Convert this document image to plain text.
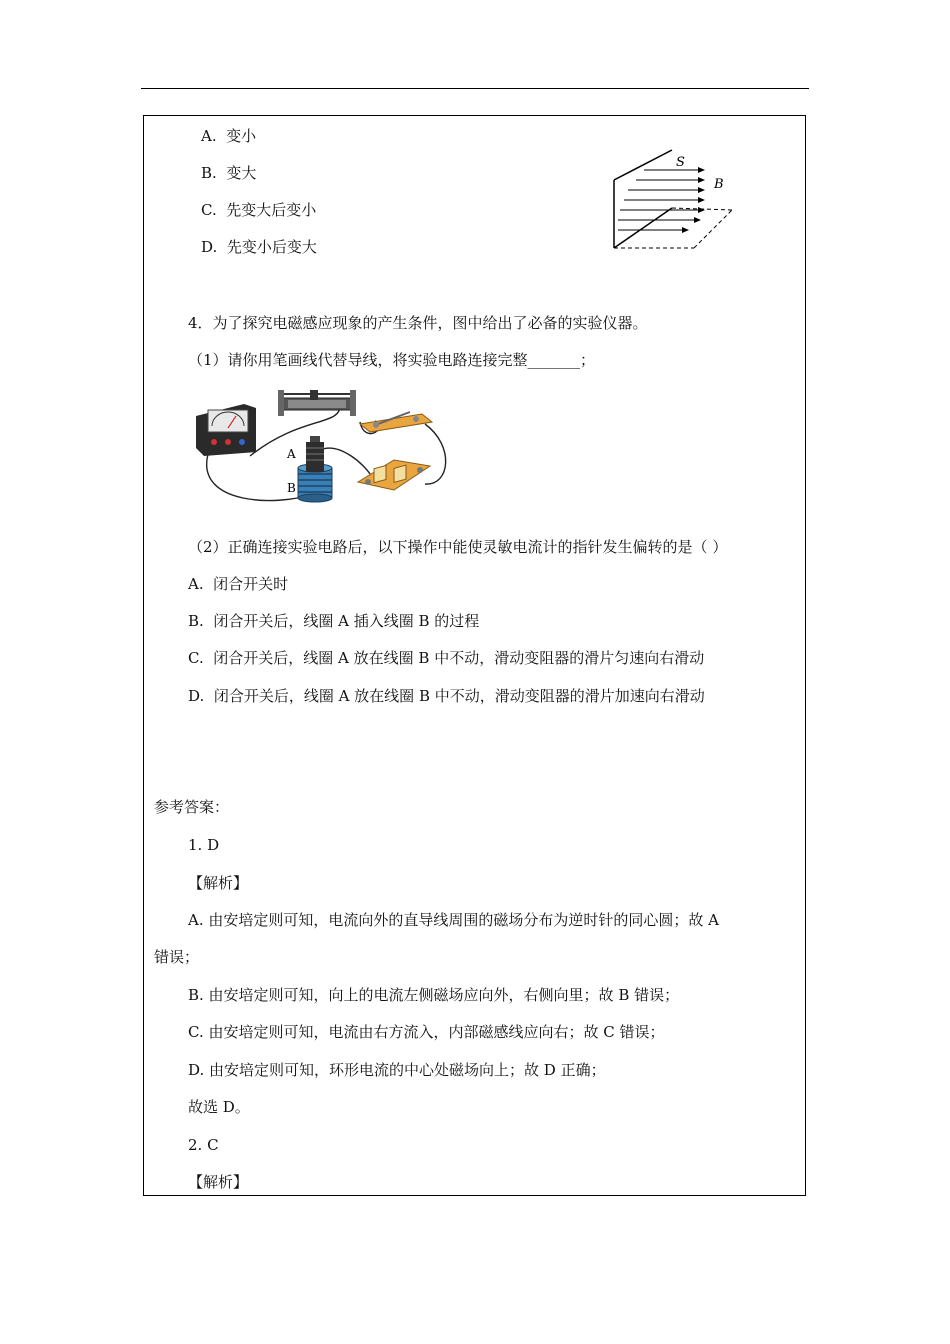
A. 变小
B. 变大
C. 先变大后变小
D. 先变小后变大
S
B
4．为了探究电磁感应现象的产生条件，图中给出了必备的实验仪器。
（1）请你用笔画线代替导线，将实验电路连接完整_______；
A
B
（2）正确连接实验电路后，以下操作中能使灵敏电流计的指针发生偏转的是（ ）
A. 闭合开关时
B. 闭合开关后，线圈 A 插入线圈 B 的过程
C. 闭合开关后，线圈 A 放在线圈 B 中不动，滑动变阻器的滑片匀速向右滑动
D. 闭合开关后，线圈 A 放在线圈 B 中不动，滑动变阻器的滑片加速向右滑动
参考答案：
1. D
【解析】
A. 由安培定则可知，电流向外的直导线周围的磁场分布为逆时针的同心圆；故 A
错误；
B. 由安培定则可知，向上的电流左侧磁场应向外，右侧向里；故 B 错误；
C. 由安培定则可知，电流由右方流入，内部磁感线应向右；故 C 错误；
D. 由安培定则可知，环形电流的中心处磁场向上；故 D 正确；
故选 D。
2. C
【解析】
